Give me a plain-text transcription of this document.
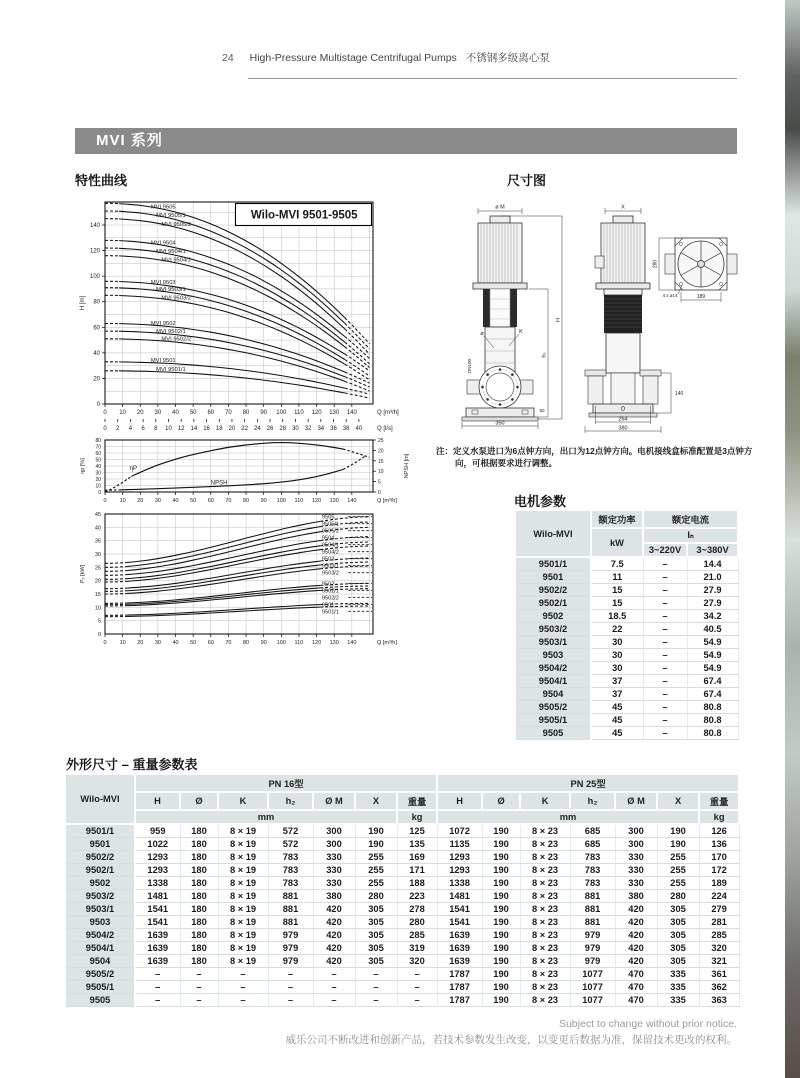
24 High-Pressure Multistage Centrifugal Pumps 不锈钢多级离心泵
MVI 系列
特性曲线	尺寸图
电机参数
外形尺寸 – 重量参数表
0 10 20 30 40 50 60 70 80 90 100 110 120 130 140	Q [m³/h]
0 2 4 6 8 10 12 14 16 18 20 22 24 26 28 30 32 34 36 38 40 Q [l/s]
0
20
40
60
80
100
120
140
H [m]
MVI 9505
MVI 9505/1
MVI 9505/2
MVI 9504
MVI 9504/1
MVI 9504/2
MVI 9503
MVI 9503/1
MVI 9503/2
MVI 9502
MVI 9502/1
MVI 9502/2
MVI 9501
MVI 9501/1
Wilo-MVI 9501-9505
0 10 20 30 40 50 60 70 80 90 100 110 120 130 140	Q [m³/h]
0
10
20
30
40
50
60
70
80
0
5
10
15
20
25
ηp [%]	NPSH [m]
ηP
NPSH
0 10 20 30 40 50 60 70 80 90 100 110 120 130 140	Q [m³/h]
0
5
10
15
20
25
30
35
40
45
P₂ [kW]
9505
9505/1
9505/2
9504
9504/1
9504/2
9503
9503/1
9503/2
9502
9502/1
9502/2
9501
9501/1
ø M	X
350
264
380
140
189
4 x ø14
280
DN100
ø	K
50
h₂
H

注：定义水泵进口为6点钟方向，出口为12点钟方向。电机接线盒标准配置是3点钟方向，可根据要求进行调整。

Wilo-MVI	额定功率	额定电流	
	kW	Iₙ	
		3~220V	3~380V
9501/1	7.5	–	14.4
9501	11	–	21.0
9502/2	15	–	27.9
9502/1	15	–	27.9
9502	18.5	–	34.2
9503/2	22	–	40.5
9503/1	30	–	54.9
9503	30	–	54.9
9504/2	30	–	54.9
9504/1	37	–	67.4
9504	37	–	67.4
9505/2	45	–	80.8
9505/1	45	–	80.8
9505	45	–	80.8
Wilo-MVI	PN 16型							PN 25型						
	H	Ø	K	h₂	Ø M	X	重量	H	Ø	K	h₂	Ø M	X	重量
	mm						kg	mm						kg
9501/1	959	180	8 × 19	572	300	190	125	1072	190	8 × 23	685	300	190	126
9501	1022	180	8 × 19	572	300	190	135	1135	190	8 × 23	685	300	190	136
9502/2	1293	180	8 × 19	783	330	255	169	1293	190	8 × 23	783	330	255	170
9502/1	1293	180	8 × 19	783	330	255	171	1293	190	8 × 23	783	330	255	172
9502	1338	180	8 × 19	783	330	255	188	1338	190	8 × 23	783	330	255	189
9503/2	1481	180	8 × 19	881	380	280	223	1481	190	8 × 23	881	380	280	224
9503/1	1541	180	8 × 19	881	420	305	278	1541	190	8 × 23	881	420	305	279
9503	1541	180	8 × 19	881	420	305	280	1541	190	8 × 23	881	420	305	281
9504/2	1639	180	8 × 19	979	420	305	285	1639	190	8 × 23	979	420	305	285
9504/1	1639	180	8 × 19	979	420	305	319	1639	190	8 × 23	979	420	305	320
9504	1639	180	8 × 19	979	420	305	320	1639	190	8 × 23	979	420	305	321
9505/2	–	–	–	–	–	–	–	1787	190	8 × 23	1077	470	335	361
9505/1	–	–	–	–	–	–	–	1787	190	8 × 23	1077	470	335	362
9505	–	–	–	–	–	–	–	1787	190	8 × 23	1077	470	335	363
Subject to change without prior notice.
威乐公司不断改进和创新产品，若技术参数发生改变，以变更后数据为准，保留技术更改的权利。
